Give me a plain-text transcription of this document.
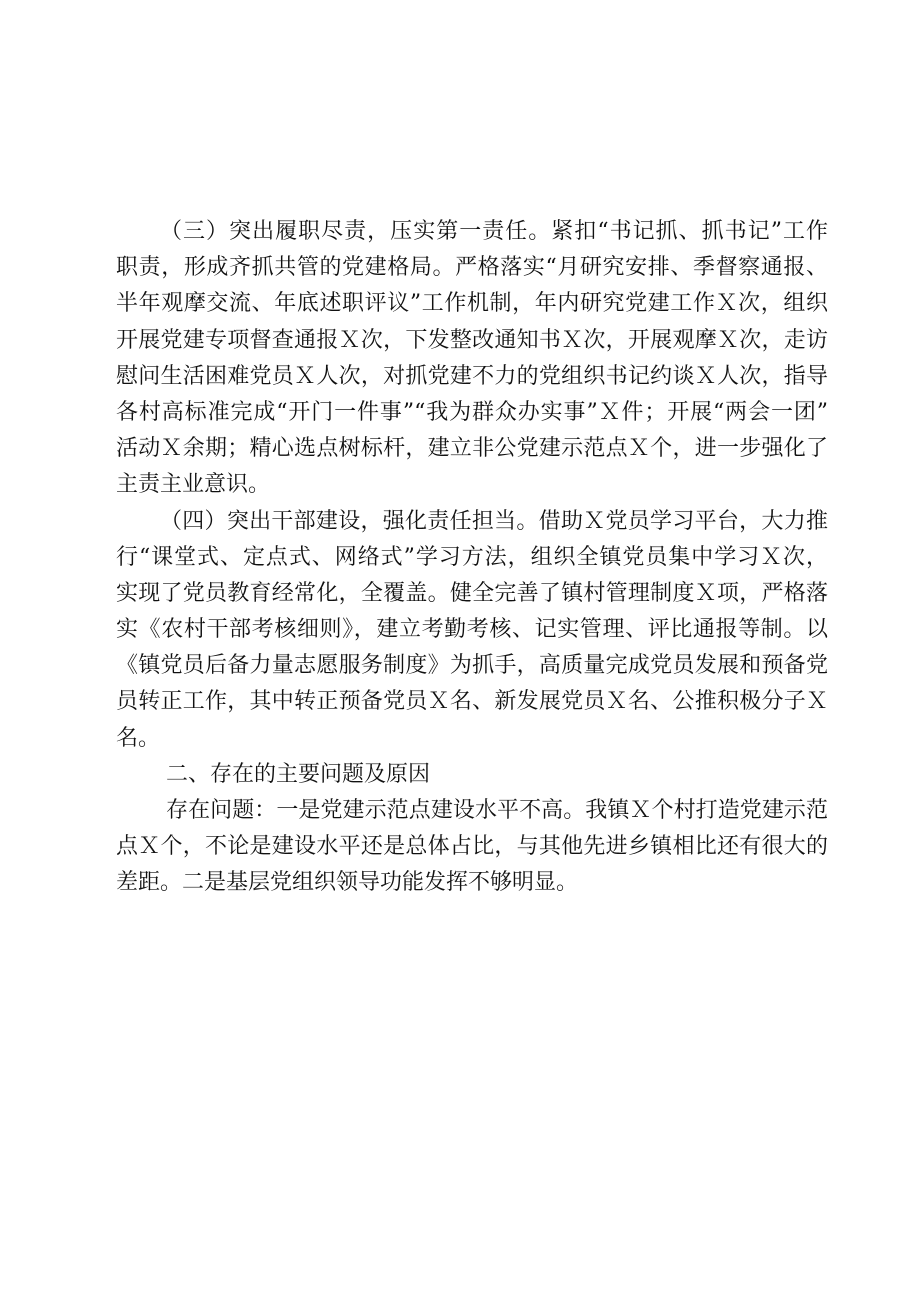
（三）突出履职尽责，压实第一责任。紧扣“书记抓、抓书记”工作
职责，形成齐抓共管的党建格局。严格落实“月研究安排、季督察通报、
半年观摩交流、年底述职评议”工作机制，年内研究党建工作Ｘ次，组织
开展党建专项督查通报Ｘ次，下发整改通知书Ｘ次，开展观摩Ｘ次，走访
慰问生活困难党员Ｘ人次，对抓党建不力的党组织书记约谈Ｘ人次，指导
各村高标准完成“开门一件事”“我为群众办实事”Ｘ件；开展“两会一团”
活动Ｘ余期；精心选点树标杆，建立非公党建示范点Ｘ个，进一步强化了
主责主业意识。
（四）突出干部建设，强化责任担当。借助Ｘ党员学习平台，大力推
行“课堂式、定点式、网络式”学习方法，组织全镇党员集中学习Ｘ次，
实现了党员教育经常化，全覆盖。健全完善了镇村管理制度Ｘ项，严格落
实《农村干部考核细则》，建立考勤考核、记实管理、评比通报等制。以
《镇党员后备力量志愿服务制度》为抓手，高质量完成党员发展和预备党
员转正工作，其中转正预备党员Ｘ名、新发展党员Ｘ名、公推积极分子Ｘ
名。
二、存在的主要问题及原因
存在问题：一是党建示范点建设水平不高。我镇Ｘ个村打造党建示范
点Ｘ个，不论是建设水平还是总体占比，与其他先进乡镇相比还有很大的
差距。二是基层党组织领导功能发挥不够明显。
